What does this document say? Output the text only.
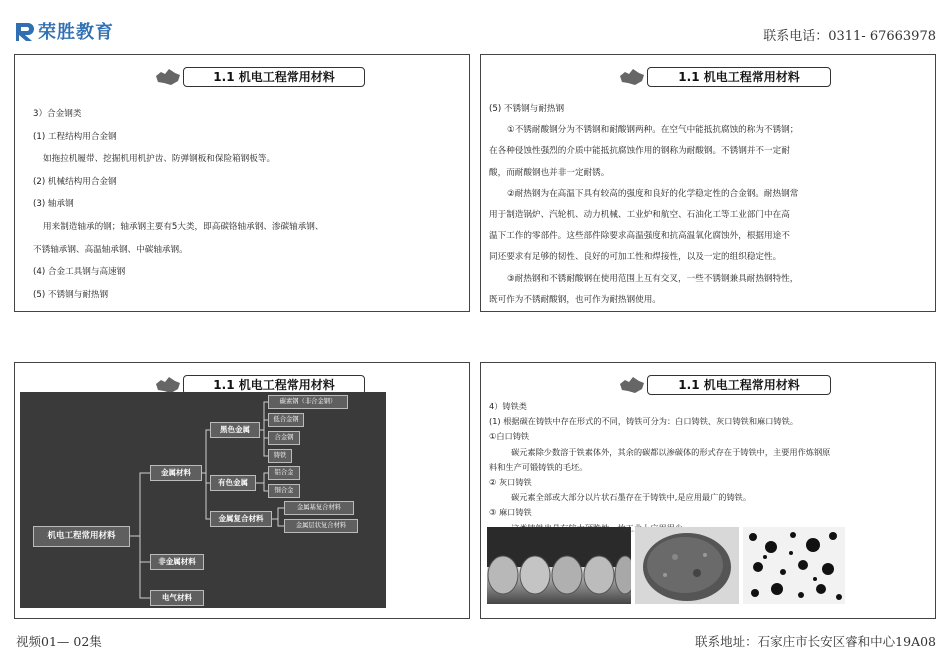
荣胜教育	联系电话：0311- 67663978
1.1 机电工程常用材料
3）合金钢类
(1) 工程结构用合金钢
如拖拉机履带、挖掘机用机护齿、防弹钢板和保险箱钢板等。
(2) 机械结构用合金钢
(3) 轴承钢
用来制造轴承的钢；轴承钢主要有5大类，即高碳铬轴承钢、渗碳轴承钢、
不锈轴承钢、高温轴承钢、中碳轴承钢。
(4) 合金工具钢与高速钢
(5) 不锈钢与耐热钢
1.1 机电工程常用材料
(5) 不锈钢与耐热钢
①不锈耐酸钢分为不锈钢和耐酸钢两种。在空气中能抵抗腐蚀的称为不锈钢；
在各种侵蚀性强烈的介质中能抵抗腐蚀作用的钢称为耐酸钢。不锈钢并不一定耐
酸，而耐酸钢也并非一定耐锈。
②耐热钢为在高温下具有较高的强度和良好的化学稳定性的合金钢。耐热钢常
用于制造锅炉、汽轮机、动力机械、工业炉和航空、石油化工等工业部门中在高
温下工作的零部件。这些部件除要求高温强度和抗高温氧化腐蚀外，根据用途不
同还要求有足够的韧性、良好的可加工性和焊接性，以及一定的组织稳定性。
③耐热钢和不锈耐酸钢在使用范围上互有交叉，一些不锈钢兼具耐热钢特性，
既可作为不锈耐酸钢，也可作为耐热钢使用。
1.1 机电工程常用材料
机电工程常用材料
金属材料
非金属材料
电气材料
黑色金属
有色金属
金属复合材料
碳素钢（非合金钢）
低合金钢
合金钢
铸铁
铝合金
铜合金
金属基复合材料
金属层状复合材料
1.1 机电工程常用材料
4）铸铁类
(1) 根据碳在铸铁中存在形式的不同，铸铁可分为：白口铸铁、灰口铸铁和麻口铸铁。
①白口铸铁
碳元素除少数溶于铁素体外，其余的碳都以渗碳体的形式存在于铸铁中，主要用作炼钢原
料和生产可锻铸铁的毛坯。
② 灰口铸铁
碳元素全部或大部分以片状石墨存在于铸铁中,是应用最广的铸铁。
③ 麻口铸铁
视频01— 02集	联系地址：石家庄市长安区睿和中心19A08
